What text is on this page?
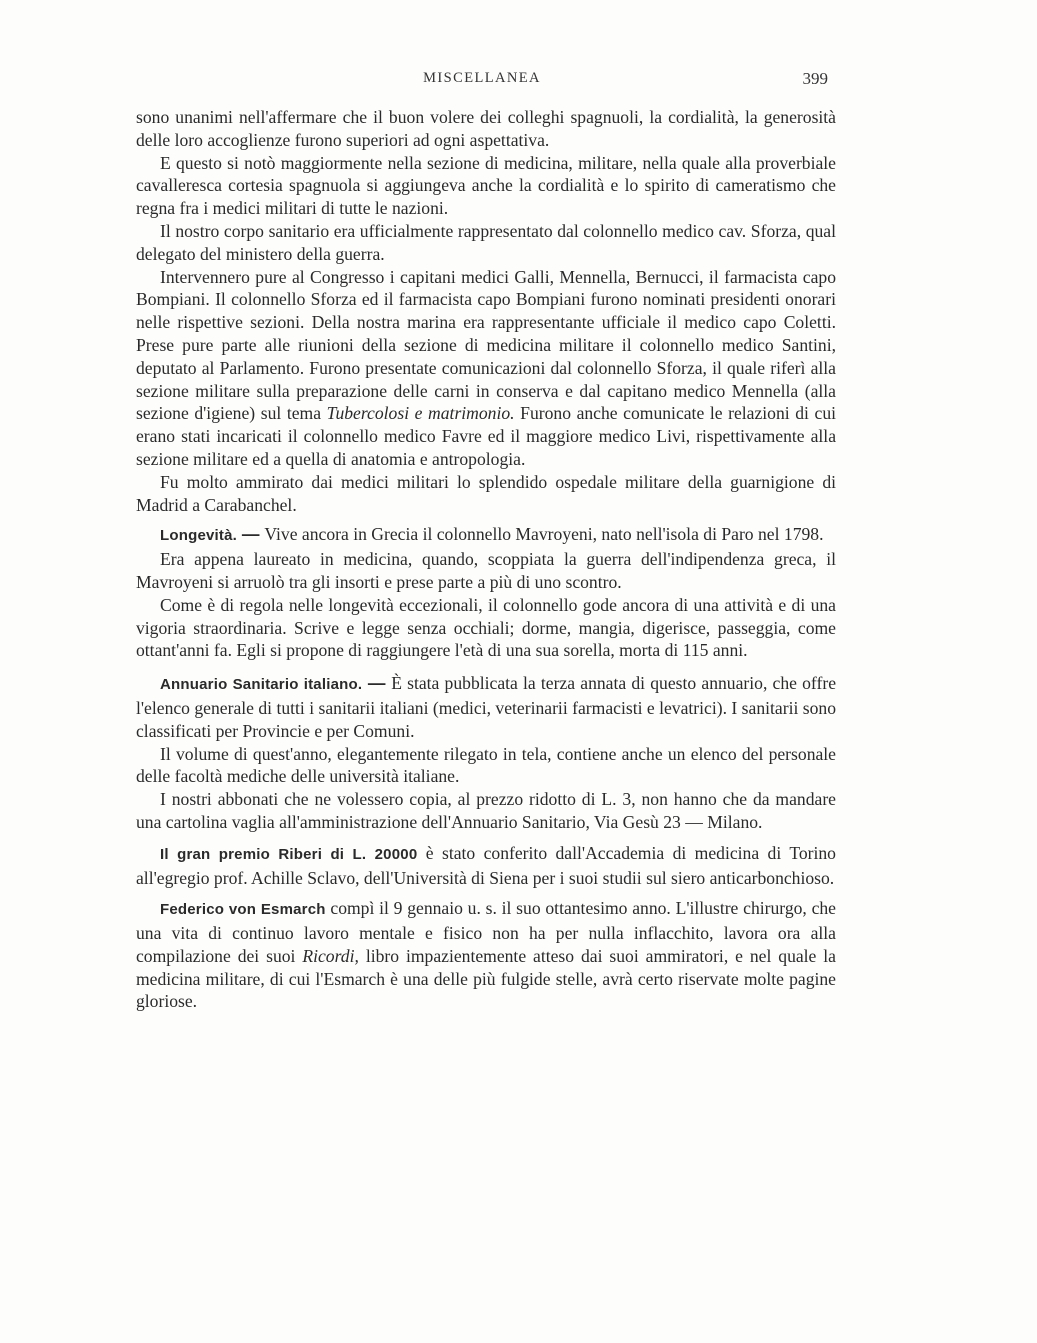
MISCELLANEA	399

sono unanimi nell'affermare che il buon volere dei colleghi spagnuoli, la cordialità, la generosità delle loro accoglienze furono superiori ad ogni aspettativa.

E questo si notò maggiormente nella sezione di medicina, militare, nella quale alla proverbiale cavalleresca cortesia spagnuola si aggiungeva anche la cordialità e lo spirito di cameratismo che regna fra i medici militari di tutte le nazioni.

Il nostro corpo sanitario era ufficialmente rappresentato dal colonnello medico cav. Sforza, qual delegato del ministero della guerra.

Intervennero pure al Congresso i capitani medici Galli, Mennella, Bernucci, il farmacista capo Bompiani. Il colonnello Sforza ed il farmacista capo Bompiani furono nominati presidenti onorari nelle rispettive sezioni. Della nostra marina era rappresentante ufficiale il medico capo Coletti. Prese pure parte alle riunioni della sezione di medicina militare il colonnello medico Santini, deputato al Parlamento. Furono presentate comunicazioni dal colonnello Sforza, il quale riferì alla sezione militare sulla preparazione delle carni in conserva e dal capitano medico Mennella (alla sezione d'igiene) sul tema Tubercolosi e matrimonio. Furono anche comunicate le relazioni di cui erano stati incaricati il colonnello medico Favre ed il maggiore medico Livi, rispettivamente alla sezione militare ed a quella di anatomia e antropologia.

Fu molto ammirato dai medici militari lo splendido ospedale militare della guarnigione di Madrid a Carabanchel.

Longevità. — Vive ancora in Grecia il colonnello Mavroyeni, nato nell'isola di Paro nel 1798.

Era appena laureato in medicina, quando, scoppiata la guerra dell'indipendenza greca, il Mavroyeni si arruolò tra gli insorti e prese parte a più di uno scontro.

Come è di regola nelle longevità eccezionali, il colonnello gode ancora di una attività e di una vigoria straordinaria. Scrive e legge senza occhiali; dorme, mangia, digerisce, passeggia, come ottant'anni fa. Egli si propone di raggiungere l'età di una sua sorella, morta di 115 anni.

Annuario Sanitario italiano. — È stata pubblicata la terza annata di questo annuario, che offre l'elenco generale di tutti i sanitarii italiani (medici, veterinarii farmacisti e levatrici). I sanitarii sono classificati per Provincie e per Comuni.

Il volume di quest'anno, elegantemente rilegato in tela, contiene anche un elenco del personale delle facoltà mediche delle università italiane.

I nostri abbonati che ne volessero copia, al prezzo ridotto di L. 3, non hanno che da mandare una cartolina vaglia all'amministrazione dell'Annuario Sanitario, Via Gesù 23 — Milano.

Il gran premio Riberi di L. 20000 è stato conferito dall'Accademia di medicina di Torino all'egregio prof. Achille Sclavo, dell'Università di Siena per i suoi studii sul siero anticarbonchioso.

Federico von Esmarch compì il 9 gennaio u. s. il suo ottantesimo anno. L'illustre chirurgo, che una vita di continuo lavoro mentale e fisico non ha per nulla inflacchito, lavora ora alla compilazione dei suoi Ricordi, libro impazientemente atteso dai suoi ammiratori, e nel quale la medicina militare, di cui l'Esmarch è una delle più fulgide stelle, avrà certo riservate molte pagine gloriose.
